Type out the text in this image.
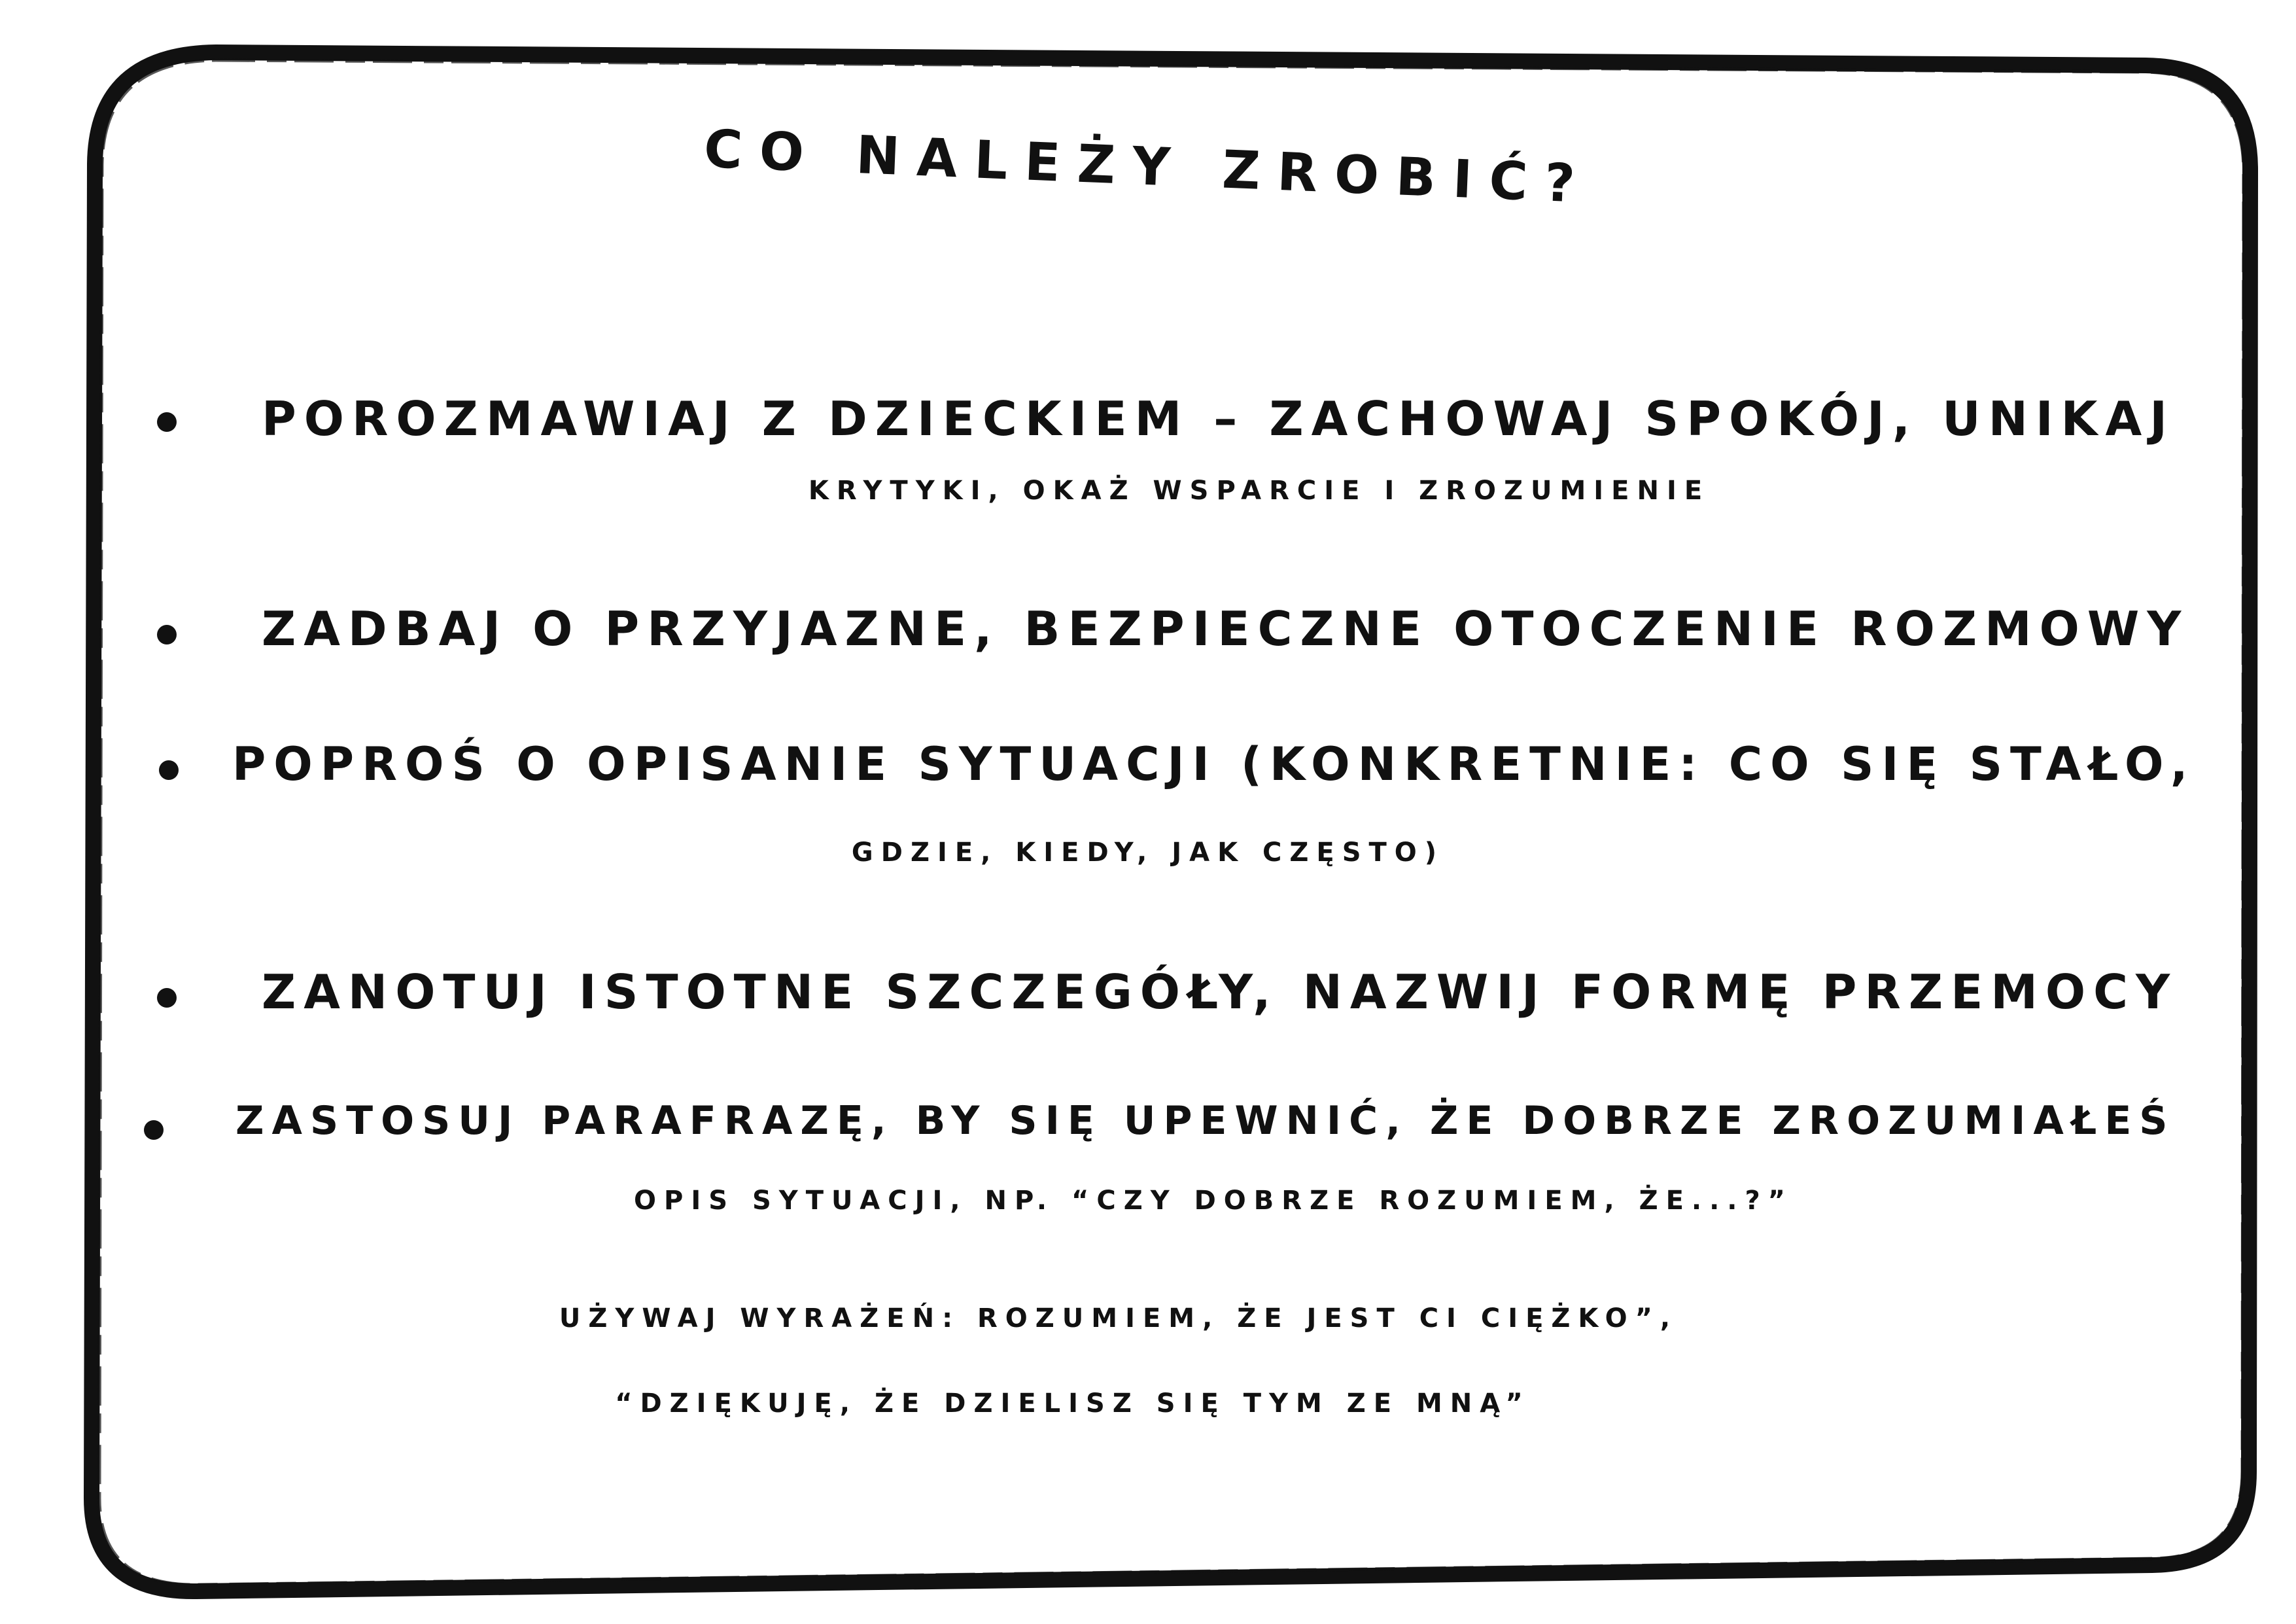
CO NALEŻY ZROBIĆ?
POROZMAWIAJ Z DZIECKIEM – ZACHOWAJ SPOKÓJ, UNIKAJ
KRYTYKI, OKAŻ WSPARCIE I ZROZUMIENIE
ZADBAJ O PRZYJAZNE, BEZPIECZNE OTOCZENIE ROZMOWY
POPROŚ O OPISANIE SYTUACJI (KONKRETNIE: CO SIĘ STAŁO,
GDZIE, KIEDY, JAK CZĘSTO)
ZANOTUJ ISTOTNE SZCZEGÓŁY, NAZWIJ FORMĘ PRZEMOCY
ZASTOSUJ PARAFRAZĘ, BY SIĘ UPEWNIĆ, ŻE DOBRZE ZROZUMIAŁEŚ
OPIS SYTUACJI, NP. “CZY DOBRZE ROZUMIEM, ŻE...?”
UŻYWAJ WYRAŻEŃ: ROZUMIEM, ŻE JEST CI CIĘŻKO”,
“DZIĘKUJĘ, ŻE DZIELISZ SIĘ TYM ZE MNĄ”
